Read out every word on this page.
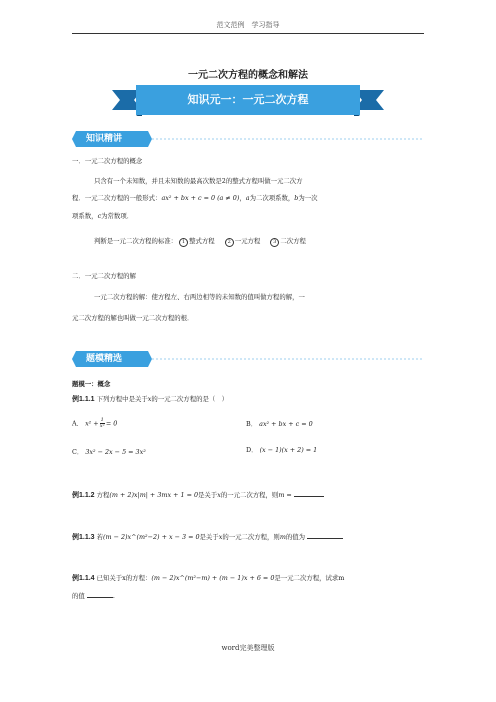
范文范例　学习指导
word完美整理版
一元二次方程的概念和解法
知识元一：一元二次方程
知识精讲
一．一元二次方程的概念
只含有一个未知数，并且未知数的最高次数是2的整式方程叫做一元二次方
程．一元二次方程的一般形式：ax² + bx + c = 0 (a ≠ 0)，a为二次项系数，b为一次
项系数，c为常数项．
判断是一元二次方程的标准： 1 整式方程	2 一元方程	3 二次方程
二．一元二次方程的解
一元二次方程的解：使方程左、右两边相等的未知数的值叫做方程的解，一
元二次方程的解也叫做一元二次方程的根．
题模精选
题模一：概念
例1.1.1 下列方程中是关于x的一元二次方程的是（　）
A． $x^2 + \frac{1}{\text{x²}} = 0$	B． ax² + bx + c = 0
C． 3x² − 2x − 5 = 3x²	D． (x − 1)(x + 2) = 1
例1.1.2 方程(m + 2)x|m| + 3mx + 1 = 0是关于x的一元二次方程，则m =
例1.1.3 若(m − 2)x^(m²−2) + x − 3 = 0是关于x的一元二次方程，则m的值为
例1.1.4 已知关于x的方程：(m − 2)x^(m²−m) + (m − 1)x + 6 = 0是一元二次方程，试求m
的值	.
